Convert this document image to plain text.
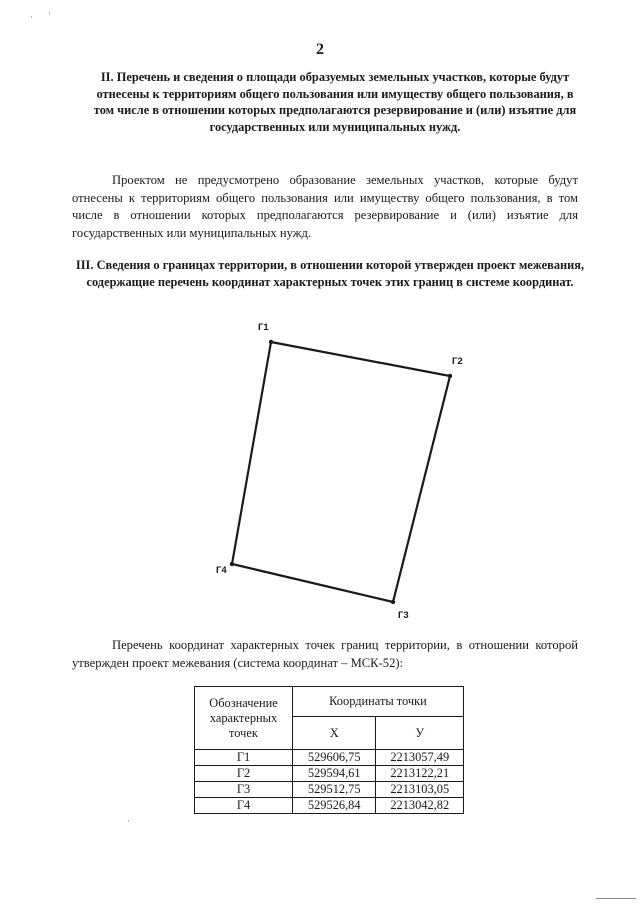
· ·
2
II. Перечень и сведения о площади образуемых земельных участков, которые будут отнесены к территориям общего пользования или имуществу общего пользования, в том числе в отношении которых предполагаются резервирование и (или) изъятие для государственных или муниципальных нужд.
Проектом не предусмотрено образование земельных участков, которые будут отнесены к территориям общего пользования или имуществу общего пользования, в том числе в отношении которых предполагаются резервирование и (или) изъятие для государственных или муниципальных нужд.
III. Сведения о границах территории, в отношении которой утвержден проект межевания, содержащие перечень координат характерных точек этих границ в системе координат.
Г1
Г2
Г3
Г4
Перечень координат характерных точек границ территории, в отношении которой утвержден проект межевания (система координат – МСК-52):
Обозначение характерных точек	Координаты точки	
	X	У
Г1	529606,75	2213057,49
Г2	529594,61	2213122,21
Г3	529512,75	2213103,05
Г4	529526,84	2213042,82
·
